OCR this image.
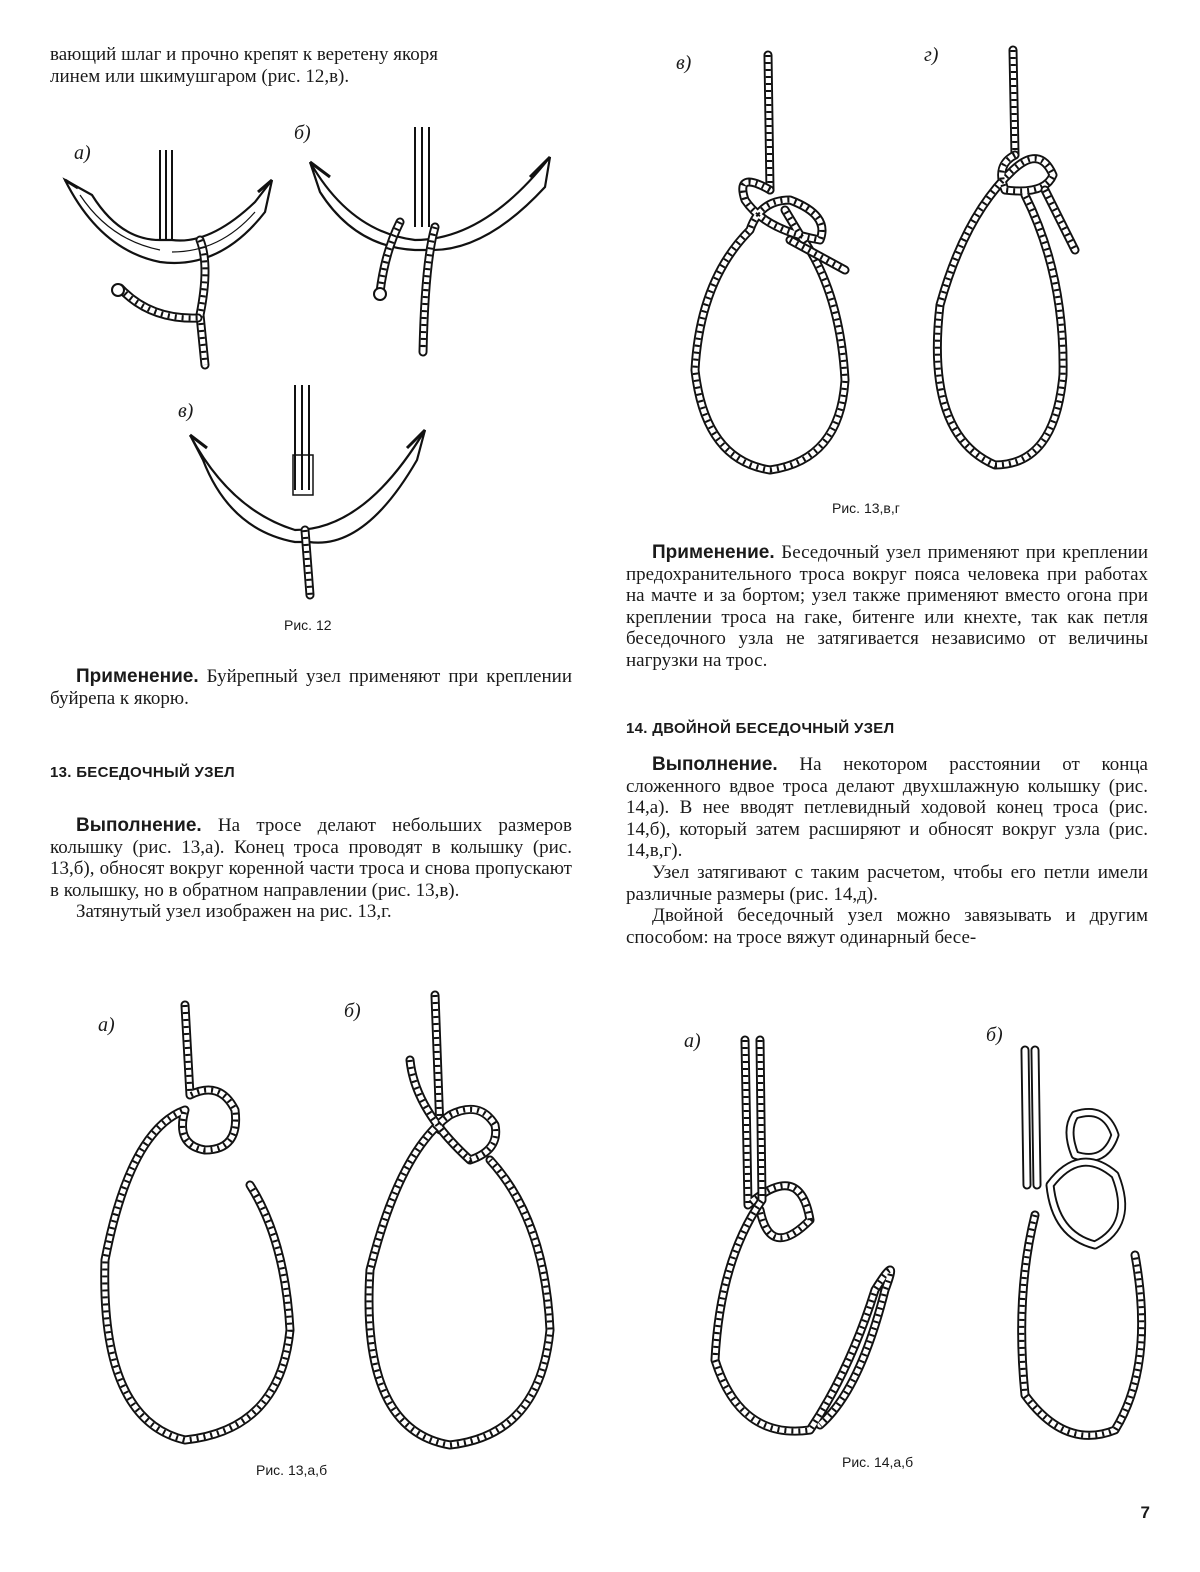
вающий шлаг и прочно крепят к веретену якоря

линем или шкимушгаром (рис. 12,в).

а)
б)
в)
Рис. 12

Применение. Буйрепный узел применяют при креплении буйрепа к якорю.

13. БЕСЕДОЧНЫЙ УЗЕЛ

Выполнение. На тросе делают небольших размеров колышку (рис. 13,а). Конец троса проводят в колышку (рис. 13,б), обносят вокруг коренной части троса и снова пропускают в колышку, но в обратном направлении (рис. 13,в).

Затянутый узел изображен на рис. 13,г.

в)	г)
Рис. 13,в,г

Применение. Беседочный узел применяют при креплении предохранительного троса вокруг пояса человека при работах на мачте и за бортом; узел также применяют вместо огона при креплении троса на гаке, битенге или кнехте, так как петля беседочного узла не затягивается независимо от величины нагрузки на трос.

14. ДВОЙНОЙ БЕСЕДОЧНЫЙ УЗЕЛ

Выполнение. На некотором расстоянии от конца сложенного вдвое троса делают двухшлажную колышку (рис. 14,а). В нее вводят петлевидный ходовой конец троса (рис. 14,б), который затем расширяют и обносят вокруг узла (рис. 14,в,г).

Узел затягивают с таким расчетом, чтобы его петли имели различные размеры (рис. 14,д).

Двойной беседочный узел можно завязывать и другим способом: на тросе вяжут одинарный бесе-

а)
б)
Рис. 13,а,б
а)	б)
Рис. 14,а,б
7
